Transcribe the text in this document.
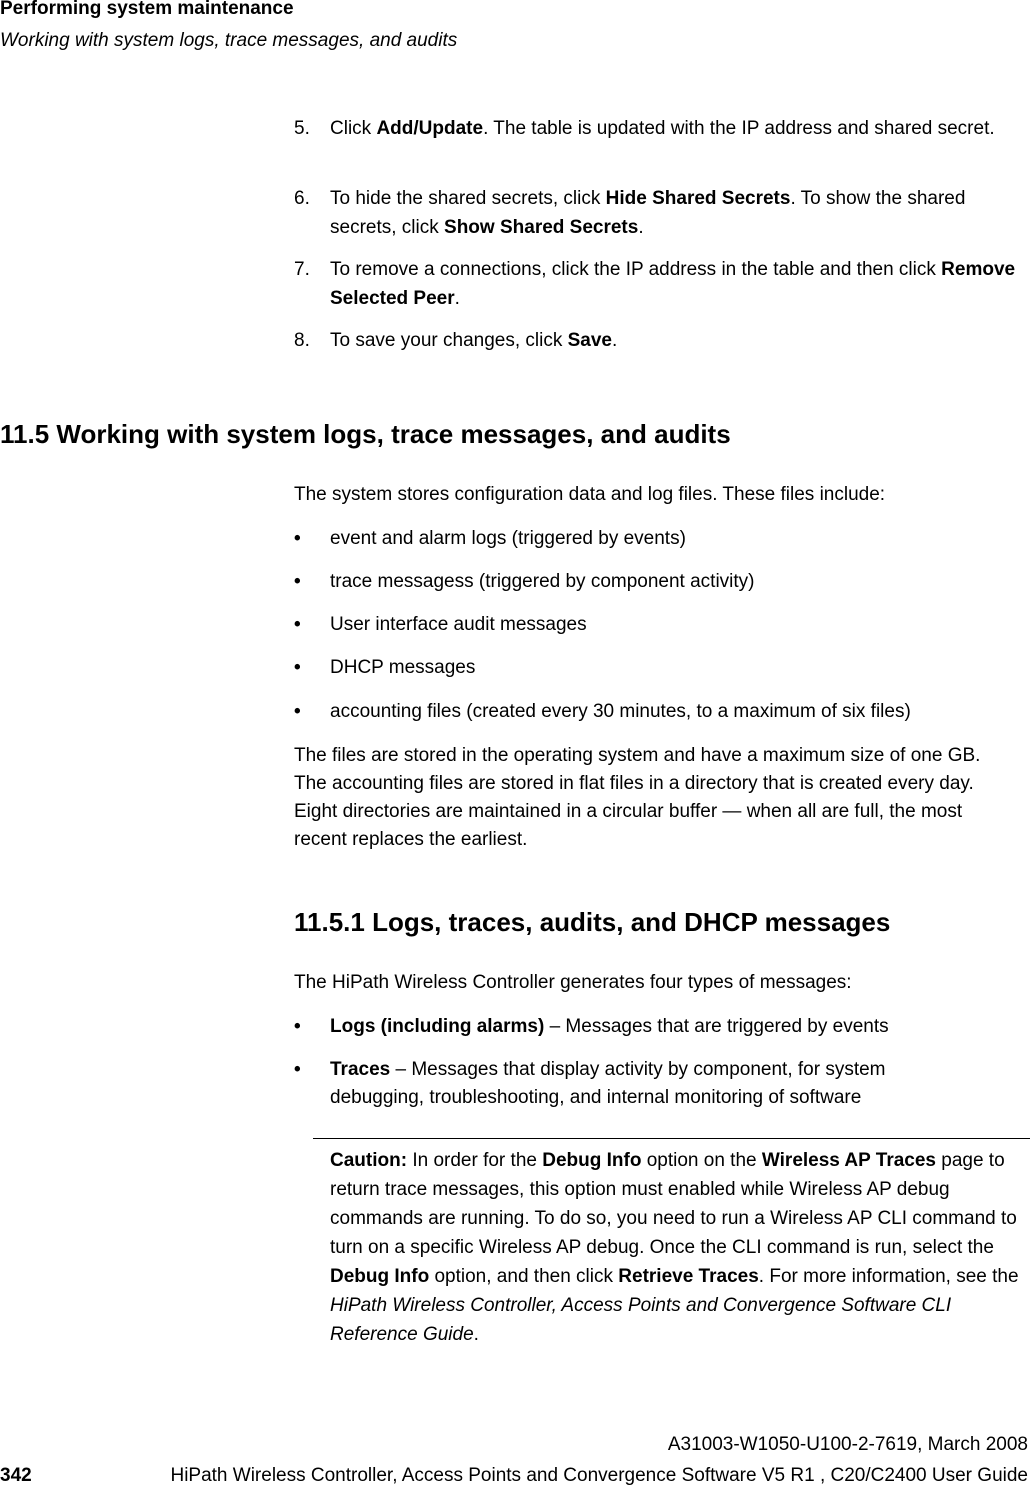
Performing system maintenance
Working with system logs, trace messages, and audits
5. Click Add/Update. The table is updated with the IP address and shared secret.
6. To hide the shared secrets, click Hide Shared Secrets. To show the shared secrets, click Show Shared Secrets.
7. To remove a connections, click the IP address in the table and then click Remove Selected Peer.
8. To save your changes, click Save.
11.5 Working with system logs, trace messages, and audits
The system stores configuration data and log files. These files include:
• event and alarm logs (triggered by events)
• trace messagess (triggered by component activity)
• User interface audit messages
• DHCP messages
• accounting files (created every 30 minutes, to a maximum of six files)
The files are stored in the operating system and have a maximum size of one GB.
The accounting files are stored in flat files in a directory that is created every day.
Eight directories are maintained in a circular buffer — when all are full, the most
recent replaces the earliest.
11.5.1 Logs, traces, audits, and DHCP messages
The HiPath Wireless Controller generates four types of messages:
• Logs (including alarms) – Messages that are triggered by events
• Traces – Messages that display activity by component, for system debugging, troubleshooting, and internal monitoring of software
Caution: In order for the Debug Info option on the Wireless AP Traces page to return trace messages, this option must enabled while Wireless AP debug commands are running. To do so, you need to run a Wireless AP CLI command to turn on a specific Wireless AP debug. Once the CLI command is run, select the Debug Info option, and then click Retrieve Traces. For more information, see the HiPath Wireless Controller, Access Points and Convergence Software CLI Reference Guide.
A31003-W1050-U100-2-7619, March 2008
342	HiPath Wireless Controller, Access Points and Convergence Software V5 R1 , C20/C2400 User Guide
